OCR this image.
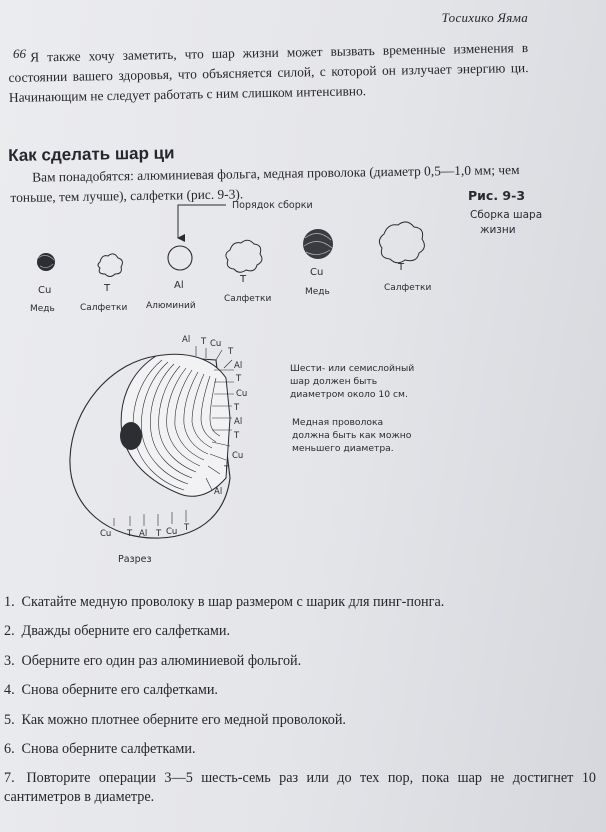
Тосихико Яяма
66 Я также хочу заметить, что шар жизни может вызвать временные изменения в состоянии вашего здоровья, что объясняется силой, с которой он излучает энергию ци. Начинающим не следует работать с ним слишком интенсивно.

Как сделать шар ци

Вам понадобятся: алюминиевая фольга, медная проволока (диаметр 0,5—1,0 мм; чем тоньше, тем лучше), салфетки (рис. 9-3).	Рис. 9-3
Сборка шара
жизни
Порядок сборки
Cu
Медь
T
Салфетки
Al
Алюминий
T
Салфетки
Cu
Медь
T
Салфетки
Al T Cu
T
Al
T
Cu
T
Al
T
Cu
T
Al
Cu T Al T Cu T
Разрез
Шести- или семислойный шар должен быть диаметром около 10 см.
Медная проволока должна быть как можно меньшего диаметра.
1. Скатайте медную проволоку в шар размером с шарик для пинг-понга.
2. Дважды оберните его салфетками.
3. Оберните его один раз алюминиевой фольгой.
4. Снова оберните его салфетками.
5. Как можно плотнее оберните его медной проволокой.
6. Снова оберните салфетками.
7. Повторите операции 3—5 шесть-семь раз или до тех пор, пока шар не достигнет 10 сантиметров в диаметре.
